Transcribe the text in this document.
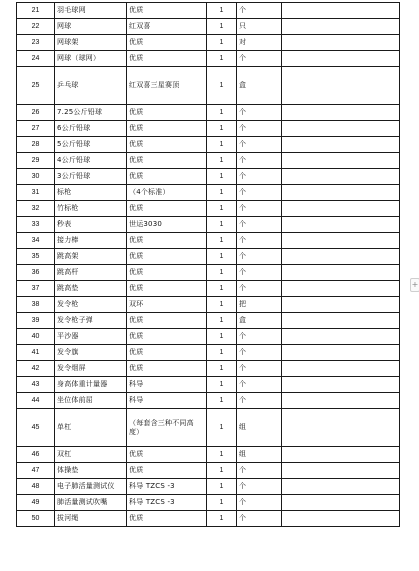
21	羽毛球网	优质	1	个	
22	网球	红双喜	1	只	
23	网球架	优质	1	对	
24	网球（球网）	优质	1	个	
25	乒乓球	红双喜三星赛顶	1	盒	
26	7.25公斤铅球	优质	1	个	
27	6公斤铅球	优质	1	个	
28	5公斤铅球	优质	1	个	
29	4公斤铅球	优质	1	个	
30	3公斤铅球	优质	1	个	
31	标枪	（4个标准）	1	个	
32	竹标枪	优质	1	个	
33	秒表	世运3030	1	个	
34	接力棒	优质	1	个	
35	跳高架	优质	1	个	
36	跳高杆	优质	1	个	
37	跳高垫	优质	1	个	
38	发令枪	双环	1	把	
39	发令枪子弹	优质	1	盒	
40	平沙器	优质	1	个	
41	发令旗	优质	1	个	
42	发令烟屏	优质	1	个	
43	身高体重计量器	科导	1	个	
44	坐位体前屈	科导	1	个	
45	单杠	（每套含三种不同高度）	1	组	
46	双杠	优质	1	组	
47	体操垫	优质	1	个	
48	电子肺活量测试仪	科导 TZCS -3	1	个	
49	肺活量测试吹嘴	科导 TZCS -3	1	个	
50	拔河绳	优质	1	个	
+
